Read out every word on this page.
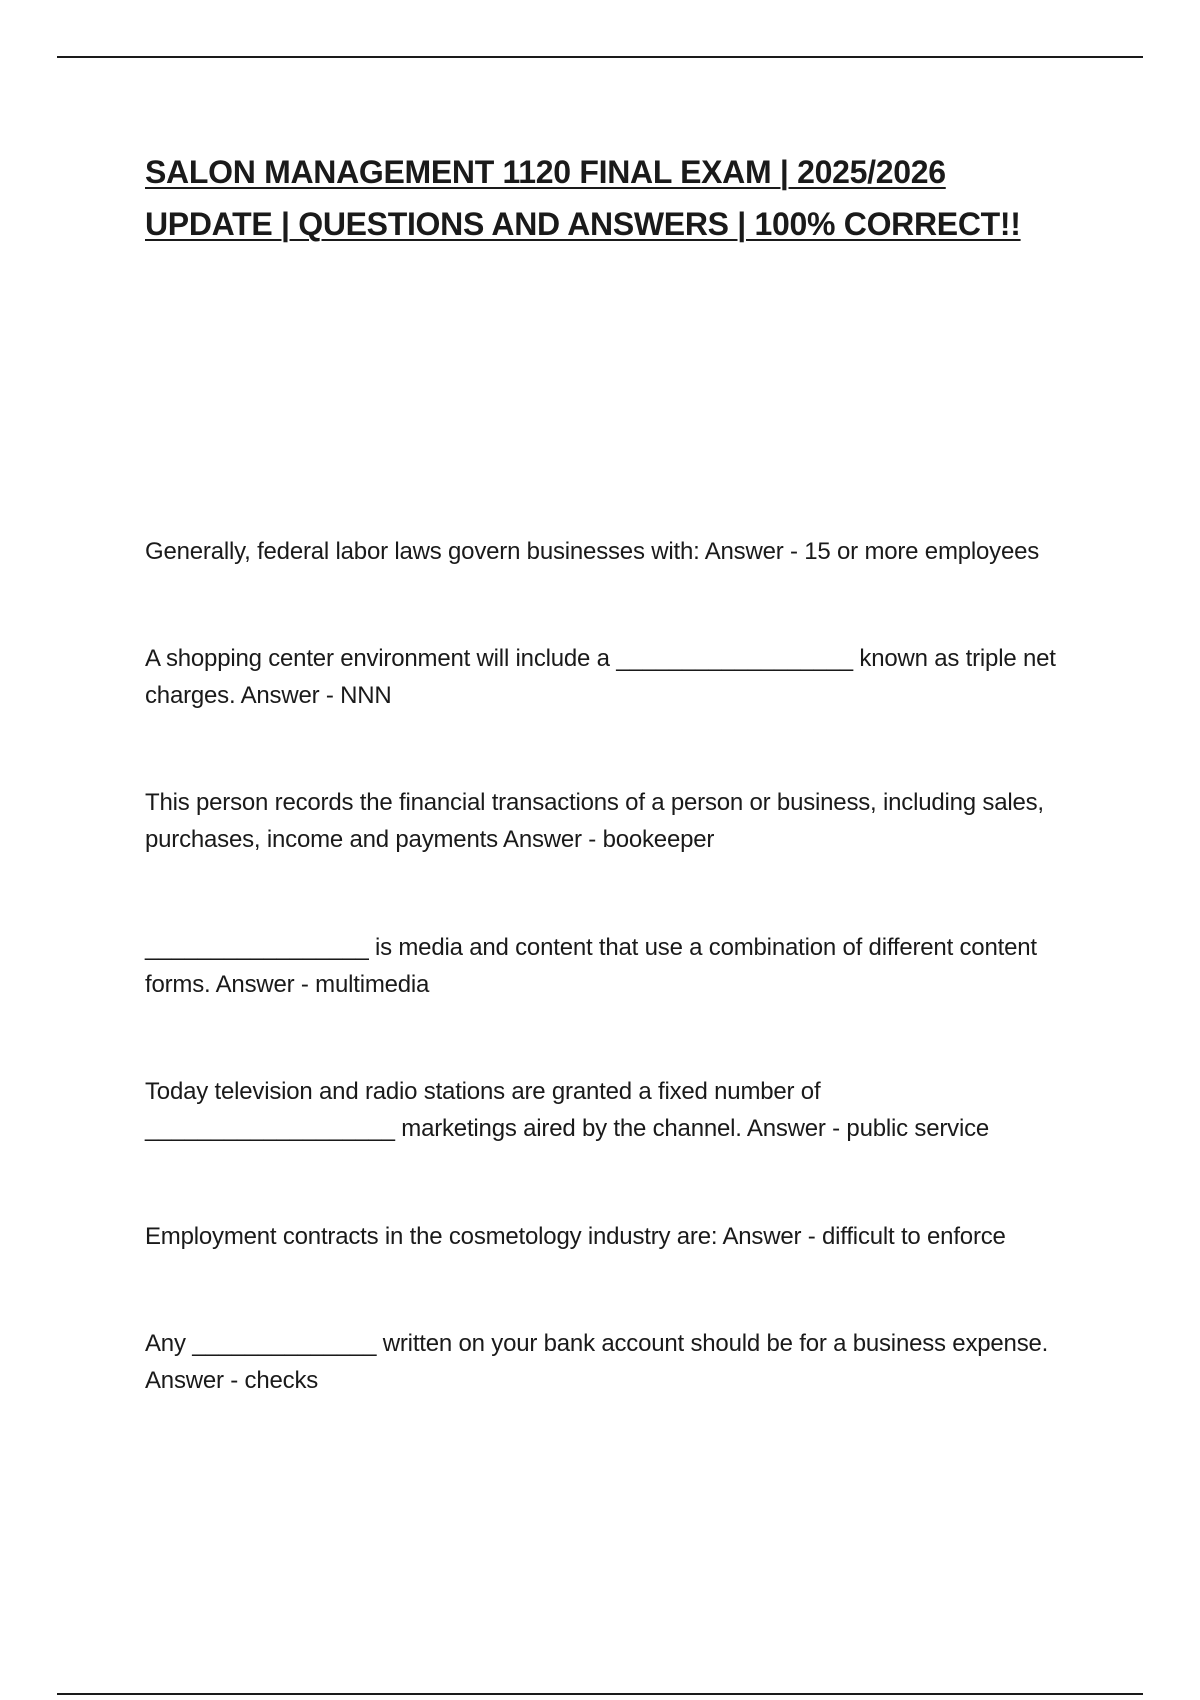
SALON MANAGEMENT 1120 FINAL EXAM | 2025/2026 UPDATE | QUESTIONS AND ANSWERS | 100% CORRECT!!
Generally, federal labor laws govern businesses with: Answer - 15 or more employees
A shopping center environment will include a __________________ known as triple net charges. Answer - NNN
This person records the financial transactions of a person or business, including sales, purchases, income and payments Answer - bookeeper
_________________ is media and content that use a combination of different content forms. Answer - multimedia
Today television and radio stations are granted a fixed number of ___________________ marketings aired by the channel. Answer - public service
Employment contracts in the cosmetology industry are: Answer - difficult to enforce
Any ______________ written on your bank account should be for a business expense. Answer - checks
